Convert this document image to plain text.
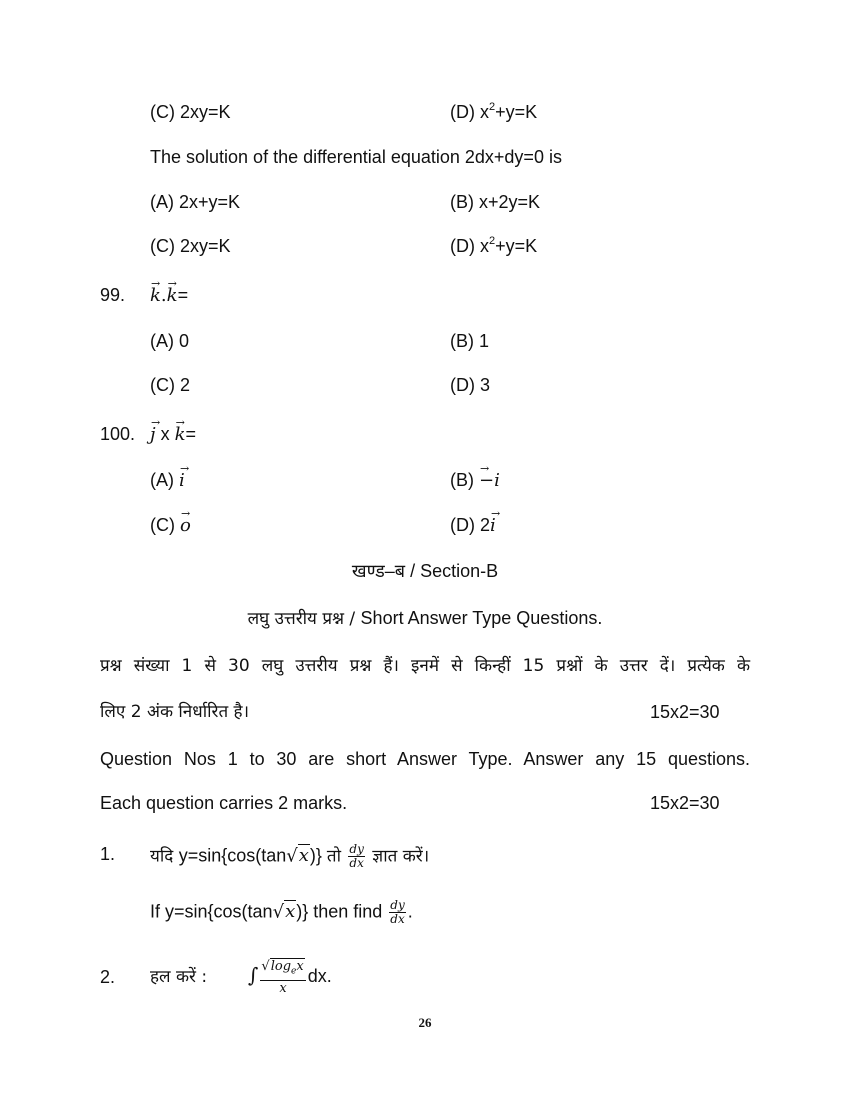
(C) 2xy=K	(D) $x^2+y=K$
The solution of the differential equation 2dx+dy=0 is
(A) 2x+y=K	(B) x+2y=K
(C) 2xy=K	(D) $x^2+y=K$
99. → k.→ k=
(A) 0	(B) 1
(C) 2	(D) 3
100. → j x → k=
(A) → i	(B) → −i
(C) → o	(D) 2→ i
खण्ड–ब / Section-B
लघु उत्तरीय प्रश्न / Short Answer Type Questions.
प्रश्न संख्या 1 से 30 लघु उत्तरीय प्रश्न हैं। इनमें से किन्हीं 15 प्रश्नों के उत्तर दें। प्रत्येक के
लिए 2 अंक निर्धारित है।	15x2=30
Question Nos 1 to 30 are short Answer Type. Answer any 15 questions.
Each question carries 2 marks.	15x2=30
1. यदि y=sin{cos(tan√x)} तो $\frac{dy}{dx}$ ज्ञात करें।
If y=sin{cos(tan√x)} then find $\frac{dy}{dx}$ .
2. हल करें : ∫ $\frac{√\log_ex}{x}$ dx.
26
